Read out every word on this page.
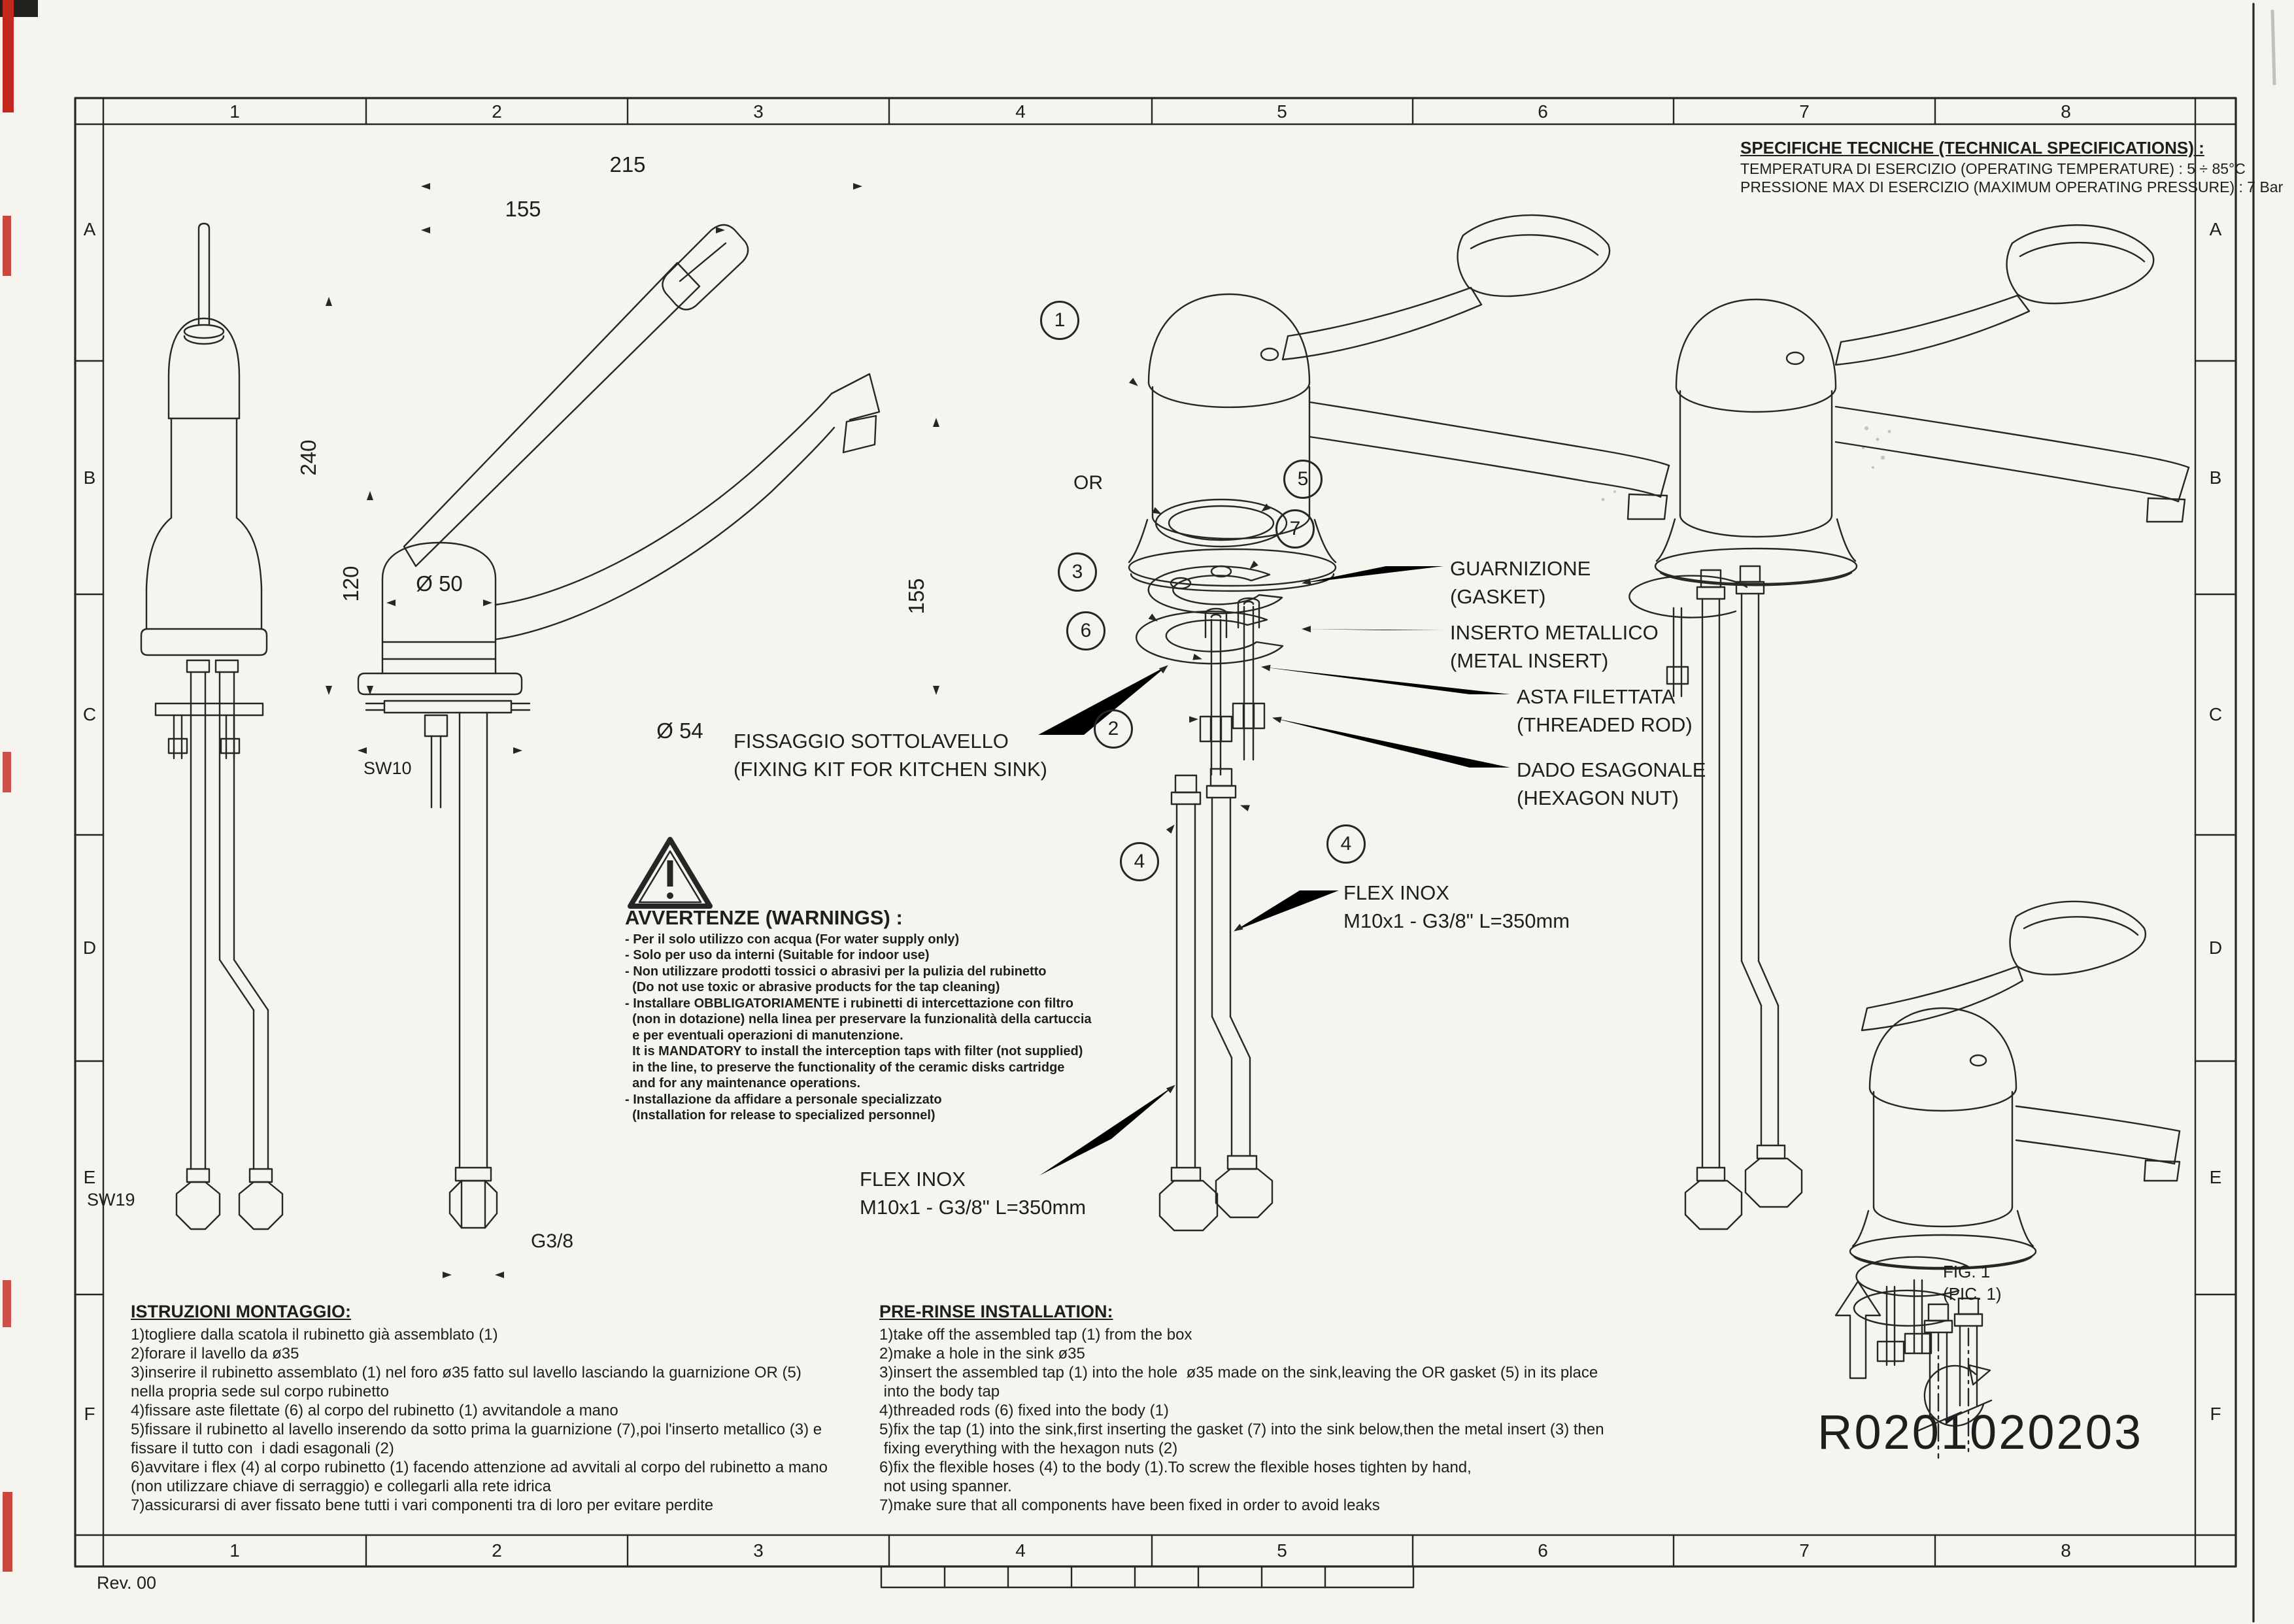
1	2	3	4	5	6	7	8
1	2	3	4	5	6	7	8
A
B
C
D
E
F
A
B
C
D
E
F
Rev. 00
SPECIFICHE TECNICHE (TECHNICAL SPECIFICATIONS) :
TEMPERATURA DI ESERCIZIO (OPERATING TEMPERATURE) : 5 ÷ 85°C
PRESSIONE MAX DI ESERCIZIO (MAXIMUM OPERATING PRESSURE) : 7 Bar
215
155
240
120 Ø 50
Ø 54
155
SW10
SW19
G3/8
1
5
7
3
6
2
4
4
OR
GUARNIZIONE
(GASKET)
INSERTO METALLICO
(METAL INSERT)
ASTA FILETTATA
(THREADED ROD)
DADO ESAGONALE
(HEXAGON NUT)
FLEX INOX
M10x1 - G3/8" L=350mm
FLEX INOX
M10x1 - G3/8" L=350mm
FISSAGGIO SOTTOLAVELLO
(FIXING KIT FOR KITCHEN SINK)
AVVERTENZE (WARNINGS) :
- Per il solo utilizzo con acqua (For water supply only)
- Solo per uso da interni (Suitable for indoor use)
- Non utilizzare prodotti tossici o abrasivi per la pulizia del rubinetto
(Do not use toxic or abrasive products for the tap cleaning)
- Installare OBBLIGATORIAMENTE i rubinetti di intercettazione con filtro
(non in dotazione) nella linea per preservare la funzionalità della cartuccia
e per eventuali operazioni di manutenzione.
It is MANDATORY to install the interception taps with filter (not supplied)
in the line, to preserve the functionality of the ceramic disks cartridge
and for any maintenance operations.
- Installazione da affidare a personale specializzato
(Installation for release to specialized personnel)
ISTRUZIONI MONTAGGIO:
1)togliere dalla scatola il rubinetto già assemblato (1)
2)forare il lavello da ø35
3)inserire il rubinetto assemblato (1) nel foro ø35 fatto sul lavello lasciando la guarnizione OR (5)
nella propria sede sul corpo rubinetto
4)fissare aste filettate (6) al corpo del rubinetto (1) avvitandole a mano
5)fissare il rubinetto al lavello inserendo da sotto prima la guarnizione (7),poi l'inserto metallico (3) e
fissare il tutto con  i dadi esagonali (2)
6)avvitare i flex (4) al corpo rubinetto (1) facendo attenzione ad avvitali al corpo del rubinetto a mano
(non utilizzare chiave di serraggio) e collegarli alla rete idrica
7)assicurarsi di aver fissato bene tutti i vari componenti tra di loro per evitare perdite
PRE-RINSE INSTALLATION:
1)take off the assembled tap (1) from the box
2)make a hole in the sink ø35
3)insert the assembled tap (1) into the hole  ø35 made on the sink,leaving the OR gasket (5) in its place
into the body tap
4)threaded rods (6) fixed into the body (1)
5)fix the tap (1) into the sink,first inserting the gasket (7) into the sink below,then the metal insert (3) then
fixing everything with the hexagon nuts (2)
6)fix the flexible hoses (4) to the body (1).To screw the flexible hoses tighten by hand,
not using spanner.
7)make sure that all components have been fixed in order to avoid leaks
FIG. 1
(PIC. 1)
R0201020203
